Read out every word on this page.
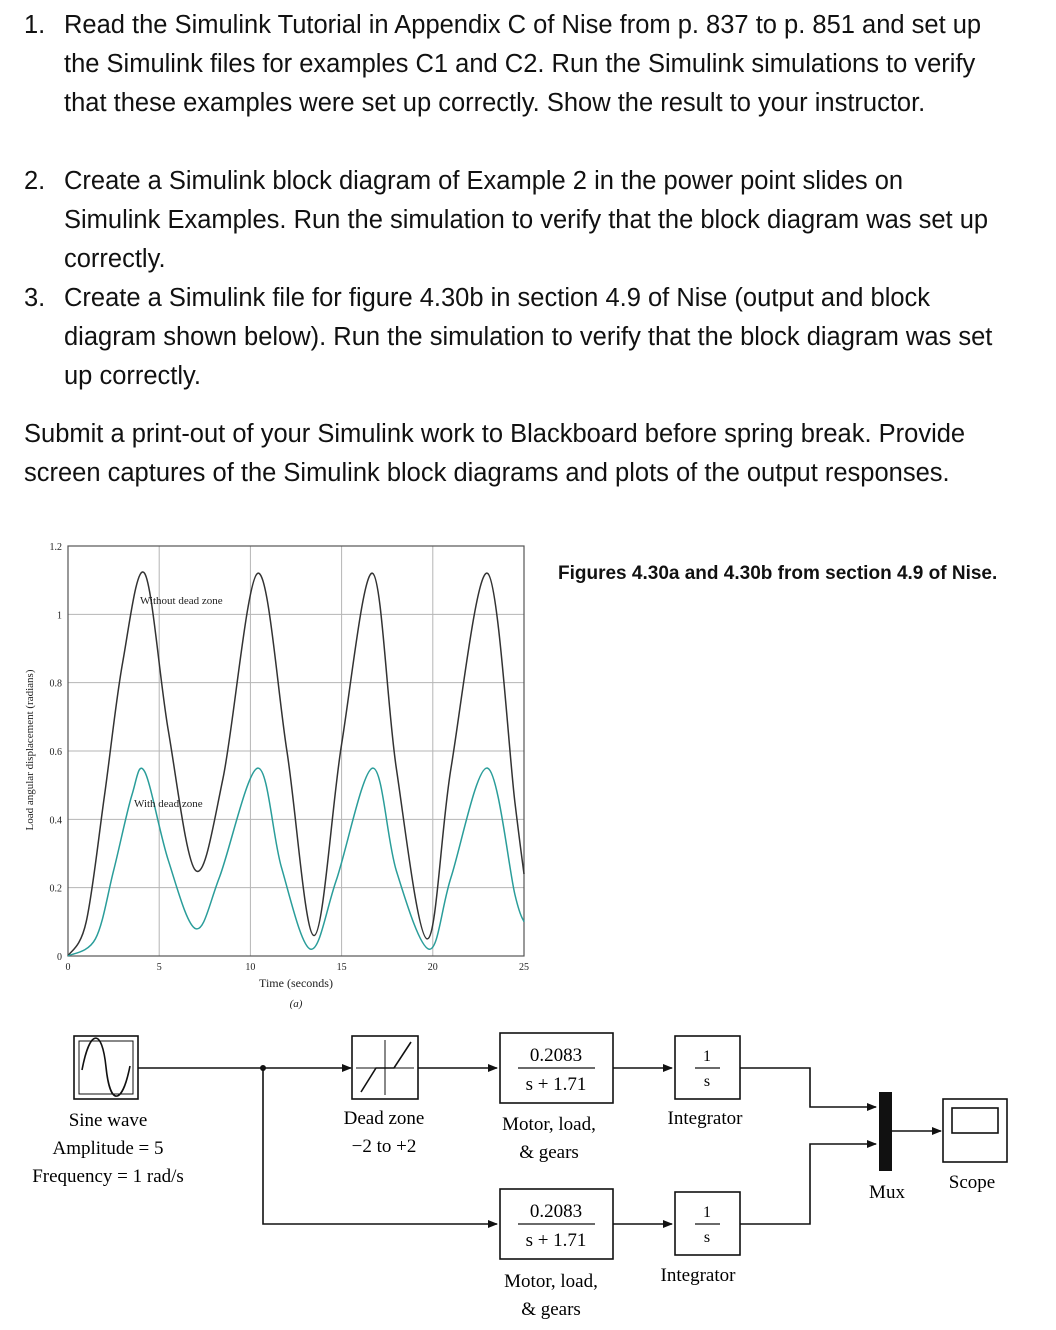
1. Read the Simulink Tutorial in Appendix C of Nise from p. 837 to p. 851 and set up the Simulink files for examples C1 and C2. Run the Simulink simulations to verify that these examples were set up correctly. Show the result to your instructor.
2. Create a Simulink block diagram of Example 2 in the power point slides on Simulink Examples. Run the simulation to verify that the block diagram was set up correctly.
3. Create a Simulink file for figure 4.30b in section 4.9 of Nise (output and block diagram shown below). Run the simulation to verify that the block diagram was set up correctly.
Submit a print-out of your Simulink work to Blackboard before spring break. Provide screen captures of the Simulink block diagrams and plots of the output responses.
Figures 4.30a and 4.30b from section 4.9 of Nise.
0	5	10	15	20	25
0
0.2
0.4
0.6
0.8
1
1.2
Without dead zone
With dead zone
Time (seconds)
(a)
Load angular displacement (radians)
Sine wave
Amplitude = 5
Frequency = 1 rad/s
Dead zone
−2 to +2
0.2083
s + 1.71
Motor, load,
& gears
0.2083
s + 1.71
Motor, load,
& gears
1
s
Integrator
1
s
Integrator
Mux Scope
